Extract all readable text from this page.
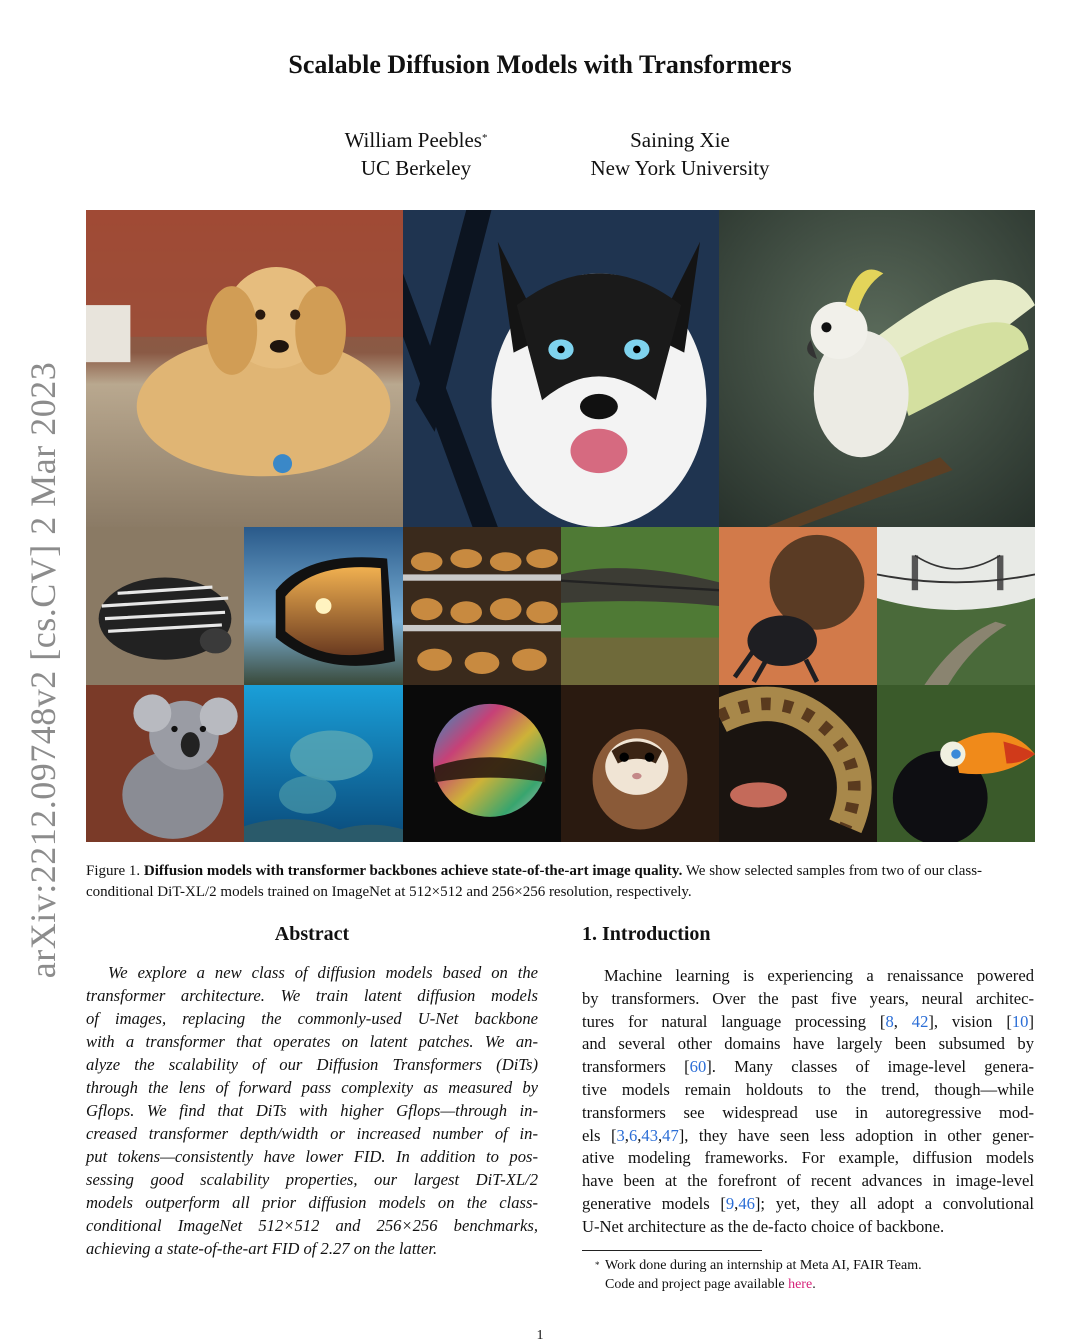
arXiv:2212.09748v2 [cs.CV] 2 Mar 2023
Scalable Diffusion Models with Transformers
William Peebles*
UC Berkeley
Saining Xie
New York University
Figure 1. Diffusion models with transformer backbones achieve state-of-the-art image quality. We show selected samples from two of our class-conditional DiT-XL/2 models trained on ImageNet at 512×512 and 256×256 resolution, respectively.
Abstract
We explore a new class of diffusion models based on the
transformer architecture. We train latent diffusion models
of images, replacing the commonly-used U-Net backbone
with a transformer that operates on latent patches. We an-
alyze the scalability of our Diffusion Transformers (DiTs)
through the lens of forward pass complexity as measured by
Gflops. We find that DiTs with higher Gflops—through in-
creased transformer depth/width or increased number of in-
put tokens—consistently have lower FID. In addition to pos-
sessing good scalability properties, our largest DiT-XL/2
models outperform all prior diffusion models on the class-
conditional ImageNet 512×512 and 256×256 benchmarks,
achieving a state-of-the-art FID of 2.27 on the latter.
1. Introduction
Machine learning is experiencing a renaissance powered
by transformers. Over the past five years, neural architec-
tures for natural language processing [8, 42], vision [10]
and several other domains have largely been subsumed by
transformers [60]. Many classes of image-level genera-
tive models remain holdouts to the trend, though—while
transformers see widespread use in autoregressive mod-
els [3,6,43,47], they have seen less adoption in other gener-
ative modeling frameworks. For example, diffusion models
have been at the forefront of recent advances in image-level
generative models [9,46]; yet, they all adopt a convolutional
U-Net architecture as the de-facto choice of backbone.
* Work done during an internship at Meta AI, FAIR Team.
Code and project page available here.
1
